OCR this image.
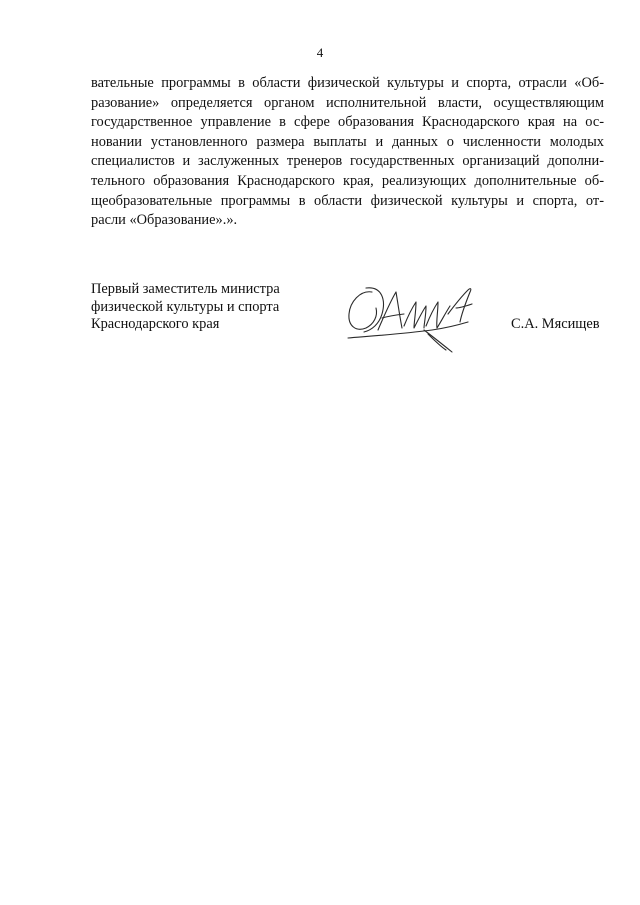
4
вательные программы в области физической культуры и спорта, отрасли «Об-
разование» определяется органом исполнительной власти, осуществляющим
государственное управление в сфере образования Краснодарского края на ос-
новании установленного размера выплаты и данных о численности молодых
специалистов и заслуженных тренеров государственных организаций дополни-
тельного образования Краснодарского края, реализующих дополнительные об-
щеобразовательные программы в области физической культуры и спорта, от-
расли «Образование».».
Первый заместитель министра
физической культуры и спорта
Краснодарского края	С.А. Мясищев
